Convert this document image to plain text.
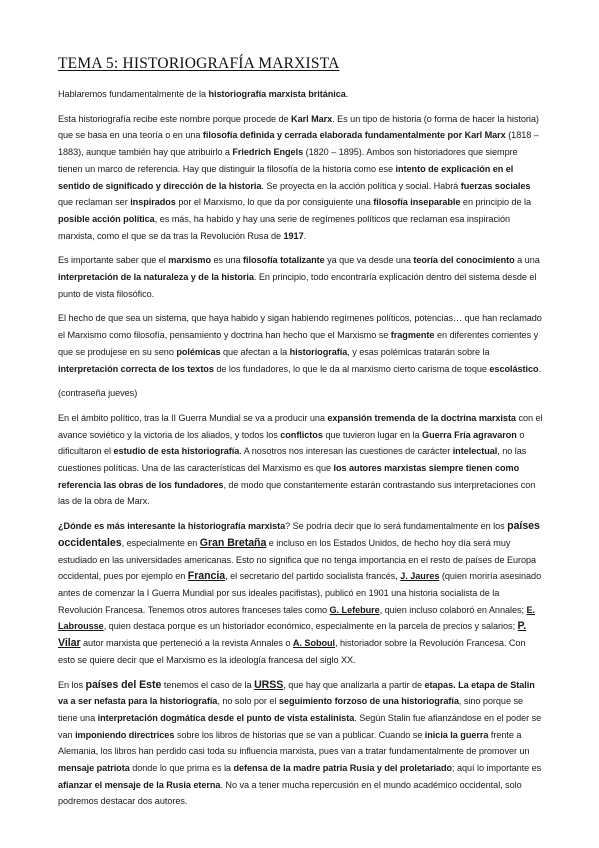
TEMA 5: HISTORIOGRAFÍA MARXISTA
Hablaremos fundamentalmente de la historiografía marxista británica.
Esta historiografía recibe este nombre porque procede de Karl Marx. Es un tipo de historia (o forma de hacer la historia) que se basa en una teoría o en una filosofía definida y cerrada elaborada fundamentalmente por Karl Marx (1818 – 1883), aunque también hay que atribuirlo a Friedrich Engels (1820 – 1895). Ambos son historiadores que siempre tienen un marco de referencia. Hay que distinguir la filosofía de la historia como ese intento de explicación en el sentido de significado y dirección de la historia. Se proyecta en la acción política y social. Habrá fuerzas sociales que reclaman ser inspirados por el Marxismo, lo que da por consiguiente una filosofía inseparable en principio de la posible acción política, es más, ha habido y hay una serie de regímenes políticos que reclaman esa inspiración marxista, como el que se da tras la Revolución Rusa de 1917.
Es importante saber que el marxismo es una filosofía totalizante ya que va desde una teoría del conocimiento a una interpretación de la naturaleza y de la historia. En principio, todo encontraría explicación dentro del sistema desde el punto de vista filosófico.
El hecho de que sea un sistema, que haya habido y sigan habiendo regímenes políticos, potencias… que han reclamado el Marxismo como filosofía, pensamiento y doctrina han hecho que el Marxismo se fragmente en diferentes corrientes y que se produjese en su seno polémicas que afectan a la historiografía, y esas polémicas tratarán sobre la interpretación correcta de los textos de los fundadores, lo que le da al marxismo cierto carisma de toque escolástico.
(contraseña jueves)
En el ámbito político, tras la II Guerra Mundial se va a producir una expansión tremenda de la doctrina marxista con el avance soviético y la victoria de los aliados, y todos los conflictos que tuvieron lugar en la Guerra Fría agravaron o dificultaron el estudio de esta historiografía. A nosotros nos interesan las cuestiones de carácter intelectual, no las cuestiones políticas. Una de las características del Marxismo es que los autores marxistas siempre tienen como referencia las obras de los fundadores, de modo que constantemente estarán contrastando sus interpretaciones con las de la obra de Marx.
¿Dónde es más interesante la historiografía marxista? Se podría decir que lo será fundamentalmente en los países occidentales, especialmente en Gran Bretaña e incluso en los Estados Unidos, de hecho hoy día será muy estudiado en las universidades americanas. Esto no significa que no tenga importancia en el resto de países de Europa occidental, pues por ejemplo en Francia, el secretario del partido socialista francés, J. Jaures (quien moriría asesinado antes de comenzar la I Guerra Mundial por sus ideales pacifistas), publicó en 1901 una historia socialista de la Revolución Francesa. Tenemos otros autores franceses tales como G. Lefebure, quien incluso colaboró en Annales; E. Labrousse, quien destaca porque es un historiador económico, especialmente en la parcela de precios y salarios; P. Vilar autor marxista que perteneció a la revista Annales o A. Soboul, historiador sobre la Revolución Francesa. Con esto se quiere decir que el Marxismo es la ideología francesa del siglo XX.
En los países del Este tenemos el caso de la URSS, que hay que analizarla a partir de etapas. La etapa de Stalin va a ser nefasta para la historiografía, no solo por el seguimiento forzoso de una historiografía, sino porque se tiene una interpretación dogmática desde el punto de vista estalinista. Según Stalin fue afianzándose en el poder se van imponiendo directrices sobre los libros de historias que se van a publicar. Cuando se inicia la guerra frente a Alemania, los libros han perdido casi toda su influencia marxista, pues van a tratar fundamentalmente de promover un mensaje patriota donde lo que prima es la defensa de la madre patria Rusia y del proletariado; aquí lo importante es afianzar el mensaje de la Rusia eterna. No va a tener mucha repercusión en el mundo académico occidental, solo podremos destacar dos autores.
